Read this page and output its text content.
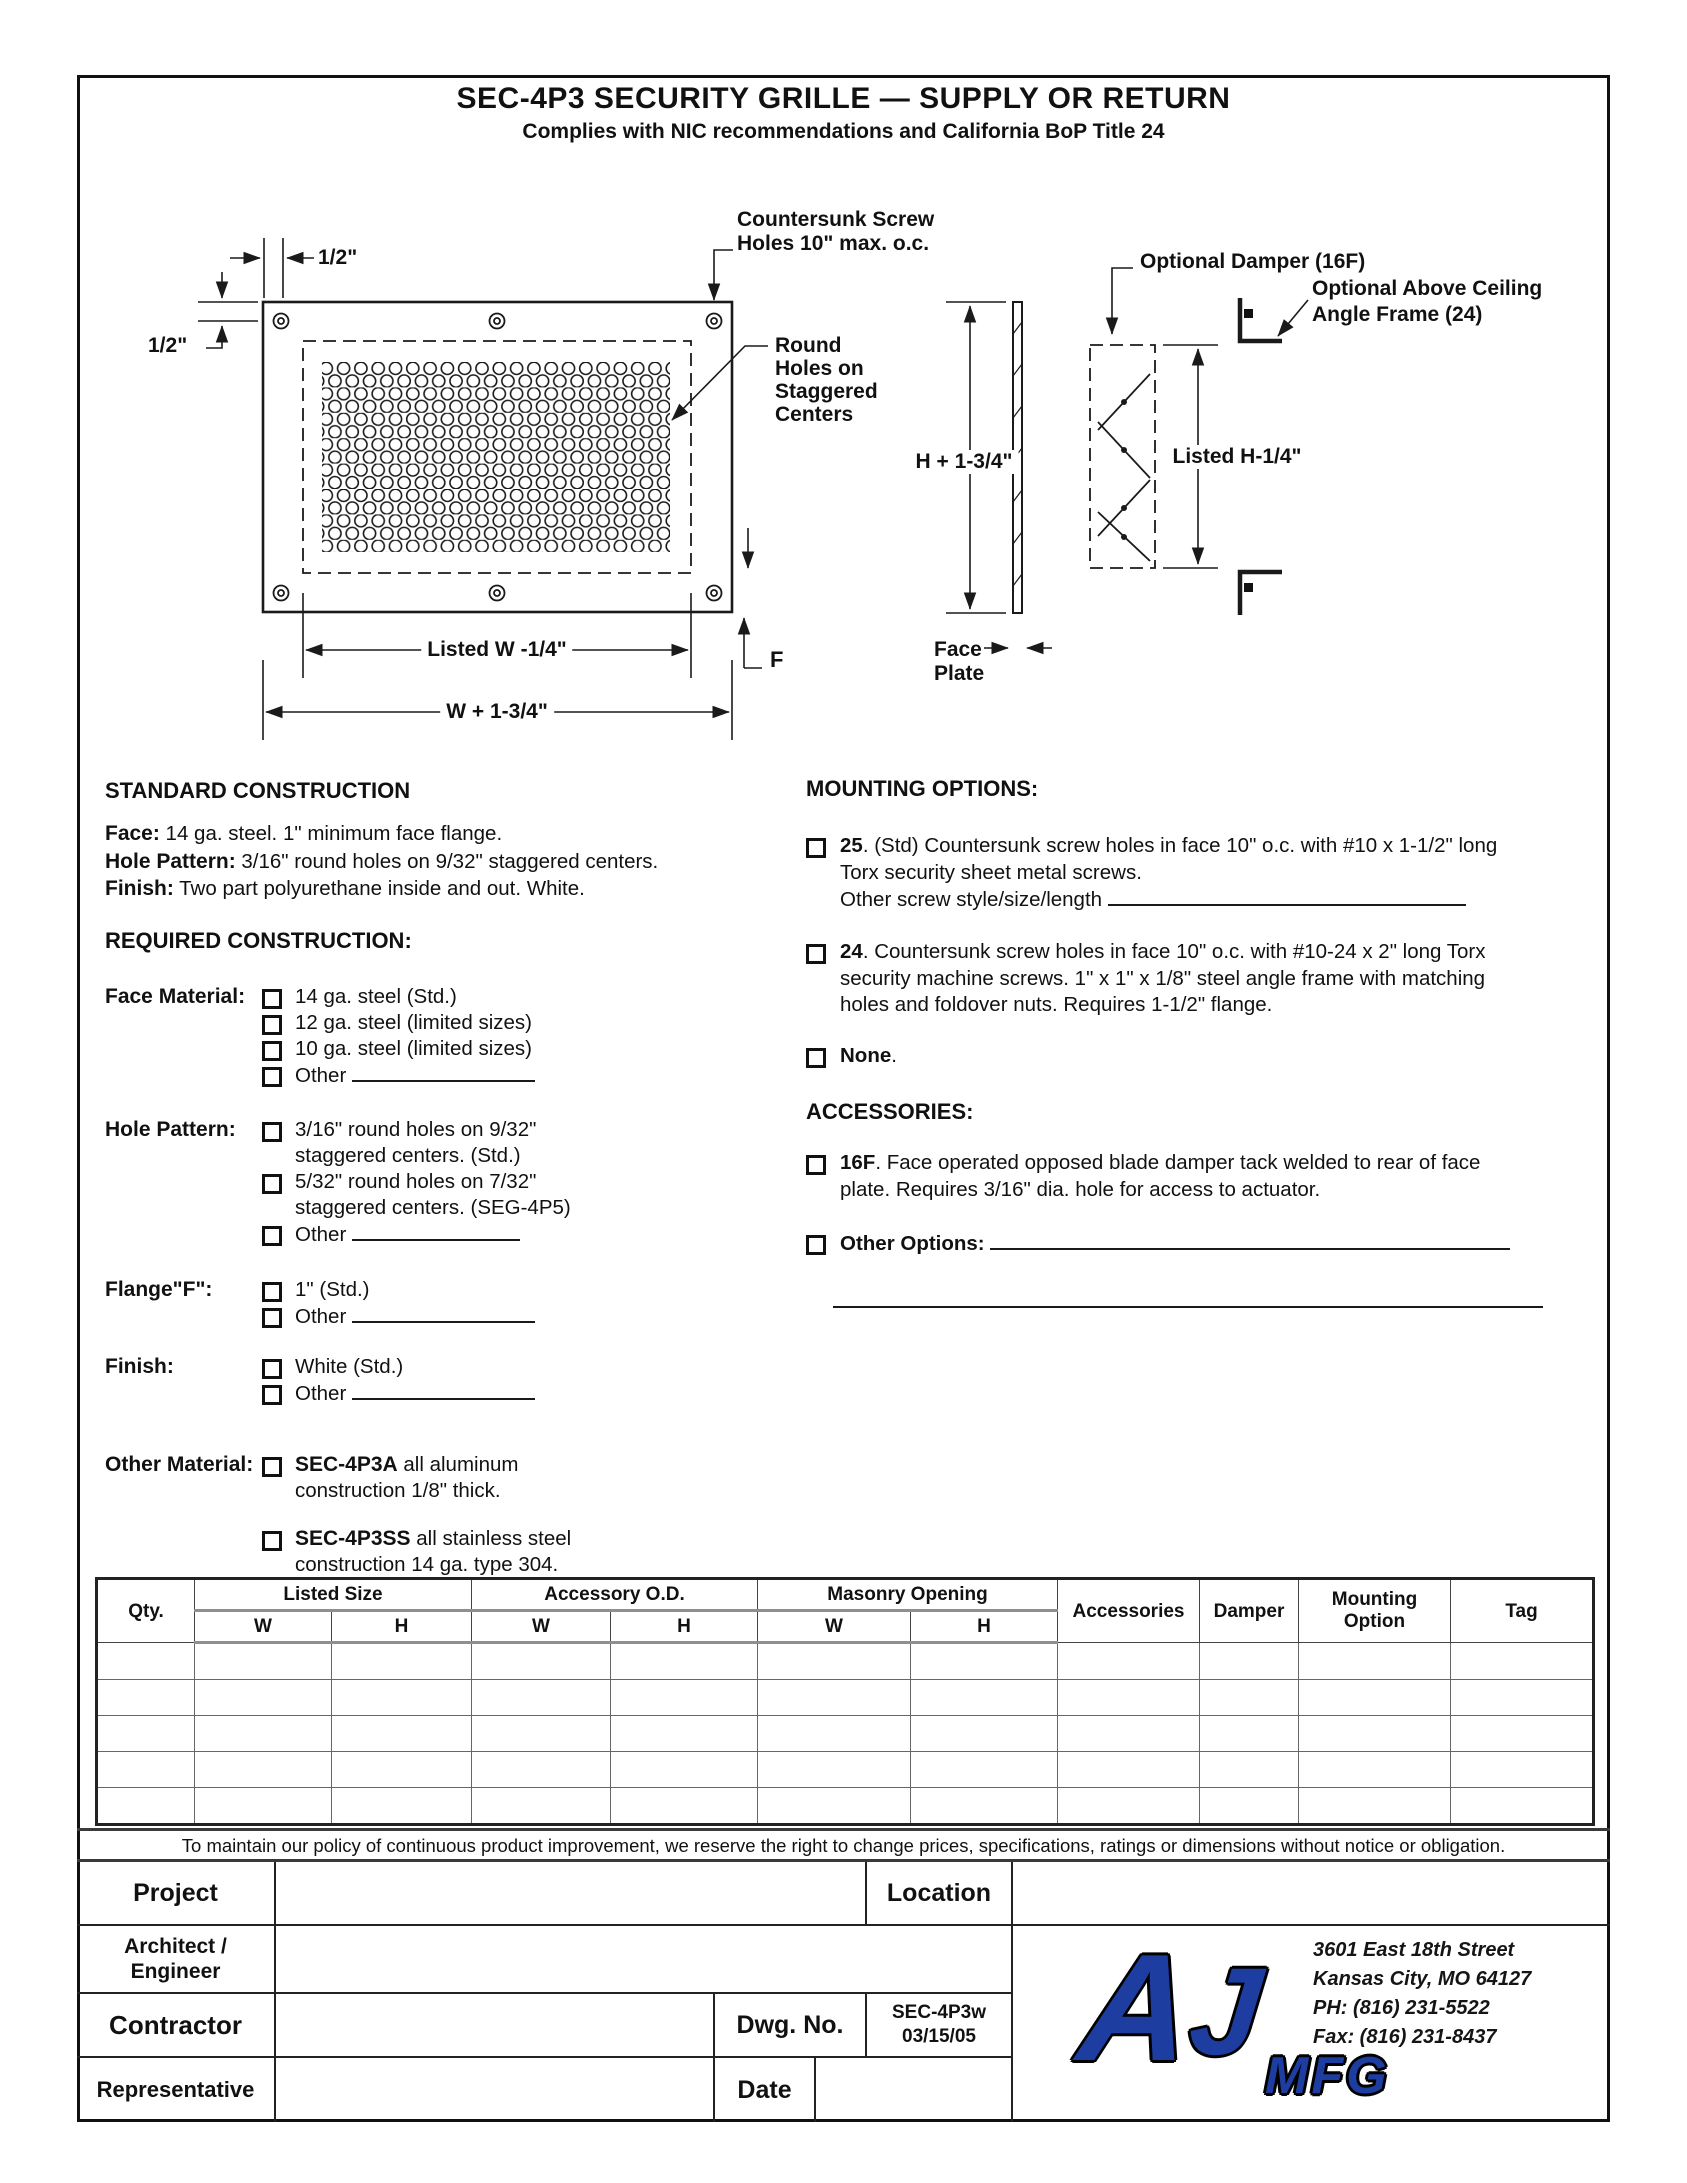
SEC-4P3 SECURITY GRILLE — SUPPLY OR RETURN
Complies with NIC recommendations and California BoP Title 24
1/2"
1/2"
Countersunk Screw
Holes 10" max. o.c.
Round
Holes on
Staggered
Centers
Listed W -1/4"
W + 1-3/4"
F
H + 1-3/4"
Face
Plate
Optional Damper (16F)
Optional Above Ceiling
Angle Frame (24)
Listed H-1/4"
STANDARD CONSTRUCTION
Face: 14 ga. steel. 1" minimum face flange.
Hole Pattern: 3/16" round holes on 9/32" staggered centers.
Finish: Two part polyurethane inside and out. White.
REQUIRED CONSTRUCTION:
Face Material:	14 ga. steel (Std.)
12 ga. steel (limited sizes)
10 ga. steel (limited sizes)
Other
Hole Pattern:	3/16" round holes on 9/32" staggered centers. (Std.)
5/32" round holes on 7/32" staggered centers. (SEG-4P5)
Other
Flange"F":	1" (Std.)
Other
Finish:	White (Std.)
Other
Other Material:	SEC-4P3A all aluminum construction 1/8" thick.
SEC-4P3SS all stainless steel construction 14 ga. type 304.
MOUNTING OPTIONS:
25. (Std) Countersunk screw holes in face 10" o.c. with #10 x 1-1/2" long Torx security sheet metal screws.
Other screw style/size/length
24. Countersunk screw holes in face 10" o.c. with #10-24 x 2" long Torx security machine screws. 1" x 1" x 1/8" steel angle frame with matching holes and foldover nuts. Requires 1-1/2" flange.
None.
ACCESSORIES:
16F. Face operated opposed blade damper tack welded to rear of face plate. Requires 3/16" dia. hole for access to actuator.
Other Options:
Qty.	Listed Size		Accessory O.D.		Masonry Opening		Accessories	Damper	Mounting Option	Tag
	W	H	W	H	W	H				

To maintain our policy of continuous product improvement, we reserve the right to change prices, specifications, ratings or dimensions without notice or obligation.
Project	Location
Architect / Engineer
Contractor	Dwg. No.	SEC-4P3w
03/15/05
Representative	Date A
J
MFG
3601 East 18th Street
Kansas City, MO 64127
PH: (816) 231-5522
Fax: (816) 231-8437
